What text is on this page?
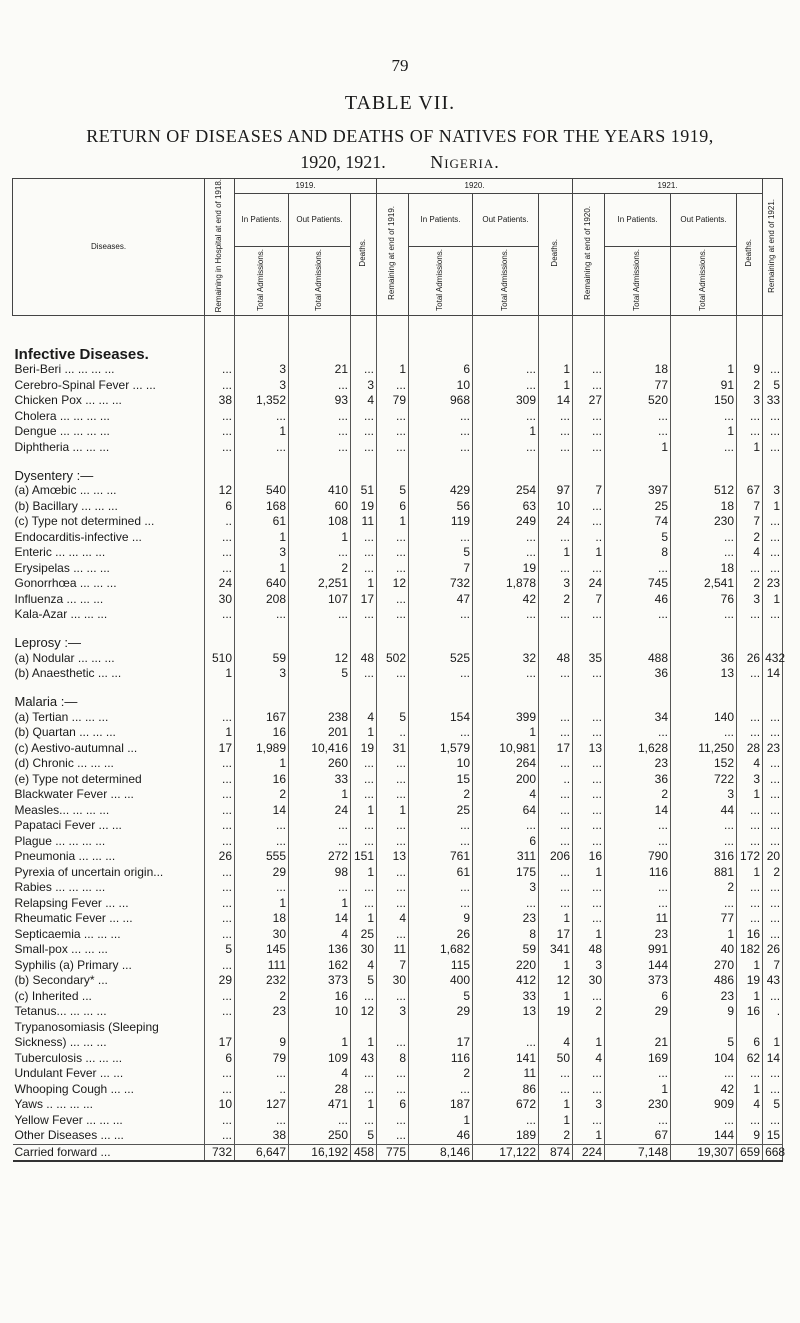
79
TABLE VII.
RETURN OF DISEASES AND DEATHS OF NATIVES FOR THE YEARS 1919,
1920, 1921. Nigeria.
Diseases.	Remaining in Hospital at end of 1918.	1919.			1920.				1921.				Remaining at end of 1921.
		In Patients.	Out Patients.	Deaths.	Remaining at end of 1919.	In Patients.	Out Patients.	Deaths.	Remaining at end of 1920.	In Patients.	Out Patients.	Deaths.	
		Total Admissions.	Total Admissions.			Total Admissions.	Total Admissions.			Total Admissions.	Total Admissions.		
Infective Diseases.													
Beri-Beri ... ... ... ...	...	3	21	...	1	6	...	1	...	18	1	9	...
Cerebro-Spinal Fever ... ...	...	3	...	3	...	10	...	1	...	77	91	2	5
Chicken Pox ... ... ...	38	1,352	93	4	79	968	309	14	27	520	150	3	33
Cholera ... ... ... ...	...	...	...	...	...	...	...	...	...	...	...	...	...
Dengue ... ... ... ...	...	1	...	...	...	...	1	...	...	...	1	...	...
Diphtheria ... ... ...	...	...	...	...	...	...	...	...	...	1	...	1	...
Dysentery :—													
(a) Amœbic ... ... ...	12	540	410	51	5	429	254	97	7	397	512	67	3
(b) Bacillary ... ... ...	6	168	60	19	6	56	63	10	...	25	18	7	1
(c) Type not determined ...	..	61	108	11	1	119	249	24	...	74	230	7	...
Endocarditis-infective ...	...	1	1	...	...	...	...	...	..	5	...	2	...
Enteric ... ... ... ...	...	3	...	...	...	5	...	1	1	8	...	4	...
Erysipelas ... ... ...	...	1	2	...	...	7	19	...	...	...	18	...	...
Gonorrhœa ... ... ...	24	640	2,251	1	12	732	1,878	3	24	745	2,541	2	23
Influenza ... ... ...	30	208	107	17	...	47	42	2	7	46	76	3	1
Kala-Azar ... ... ...	...	...	...	...	...	...	...	...	...	...	...	...	...
Leprosy :—													
(a) Nodular ... ... ...	510	59	12	48	502	525	32	48	35	488	36	26	432
(b) Anaesthetic ... ...	1	3	5	...	...	...	...	...	...	36	13	...	14
Malaria :—													
(a) Tertian ... ... ...	...	167	238	4	5	154	399	...	...	34	140	...	...
(b) Quartan ... ... ...	1	16	201	1	..	...	1	...	...	...	...	...	...
(c) Aestivo-autumnal ...	17	1,989	10,416	19	31	1,579	10,981	17	13	1,628	11,250	28	23
(d) Chronic ... ... ...	...	1	260	...	...	10	264	...	...	23	152	4	...
(e) Type not determined	...	16	33	...	...	15	200	..	...	36	722	3	...
Blackwater Fever ... ...	...	2	1	...	...	2	4	...	...	2	3	1	...
Measles... ... ... ...	...	14	24	1	1	25	64	...	...	14	44	...	...
Papataci Fever ... ...	...	...	...	...	...	...	...	...	...	...	...	...	...
Plague ... ... ... ...	...	...	...	...	...	...	6	...	...	...	...	...	...
Pneumonia ... ... ...	26	555	272	151	13	761	311	206	16	790	316	172	20
Pyrexia of uncertain origin...	...	29	98	1	...	61	175	...	1	116	881	1	2
Rabies ... ... ... ...	...	...	...	...	...	...	3	...	...	...	2	...	...
Relapsing Fever ... ...	...	1	1	...	...	...	...	...	...	...	...	...	...
Rheumatic Fever ... ...	...	18	14	1	4	9	23	1	...	11	77	...	...
Septicaemia ... ... ...	...	30	4	25	...	26	8	17	1	23	1	16	...
Small-pox ... ... ...	5	145	136	30	11	1,682	59	341	48	991	40	182	26
Syphilis (a) Primary ...	...	111	162	4	7	115	220	1	3	144	270	1	7
(b) Secondary* ...	29	232	373	5	30	400	412	12	30	373	486	19	43
(c) Inherited ...	...	2	16	...	...	5	33	1	...	6	23	1	...
Tetanus... ... ... ...	...	23	10	12	3	29	13	19	2	29	9	16	.
Trypanosomiasis (Sleeping													
Sickness) ... ... ...	17	9	1	1	...	17	...	4	1	21	5	6	1
Tuberculosis ... ... ...	6	79	109	43	8	116	141	50	4	169	104	62	14
Undulant Fever ... ...	...	...	4	...	...	2	11	...	...	...	...	...	...
Whooping Cough ... ...	...	..	28	...	...	...	86	...	...	1	42	1	...
Yaws .. ... ... ...	10	127	471	1	6	187	672	1	3	230	909	4	5
Yellow Fever ... ... ...	...	...	...	...	...	1	...	1	...	...	...	...	...
Other Diseases ... ...	...	38	250	5	...	46	189	2	1	67	144	9	15
Carried forward ...	732	6,647	16,192	458	775	8,146	17,122	874	224	7,148	19,307	659	668
